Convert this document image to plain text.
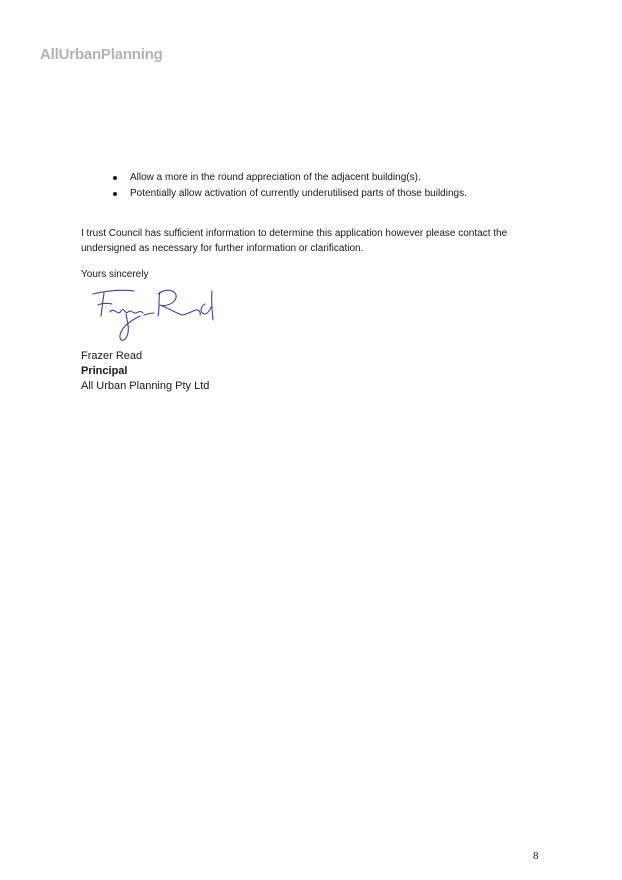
AllUrbanPlanning
Allow a more in the round appreciation of the adjacent building(s).
Potentially allow activation of currently underutilised parts of those buildings.

I trust Council has sufficient information to determine this application however please contact the undersigned as necessary for further information or clarification.

Yours sincerely
Frazer Read
Principal
All Urban Planning Pty Ltd
8
